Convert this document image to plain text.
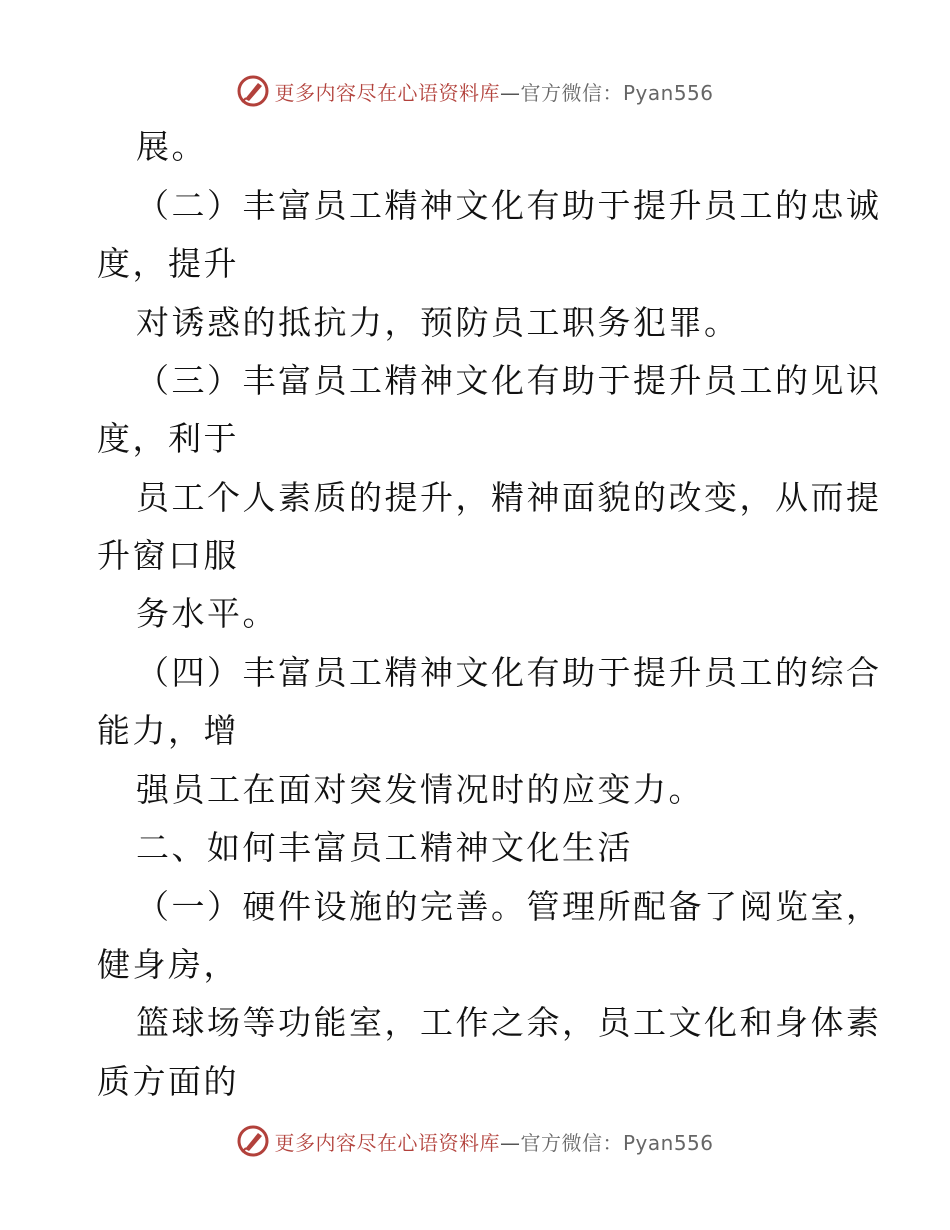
更多内容尽在心语资料库—官方微信：Pyan556
展。
（二）丰富员工精神文化有助于提升员工的忠诚
度，提升
对诱惑的抵抗力，预防员工职务犯罪。
（三）丰富员工精神文化有助于提升员工的见识
度，利于
员工个人素质的提升，精神面貌的改变，从而提
升窗口服
务水平。
（四）丰富员工精神文化有助于提升员工的综合
能力，增
强员工在面对突发情况时的应变力。
二、如何丰富员工精神文化生活
（一）硬件设施的完善。管理所配备了阅览室，
健身房，
篮球场等功能室，工作之余，员工文化和身体素
质方面的
更多内容尽在心语资料库—官方微信：Pyan556
